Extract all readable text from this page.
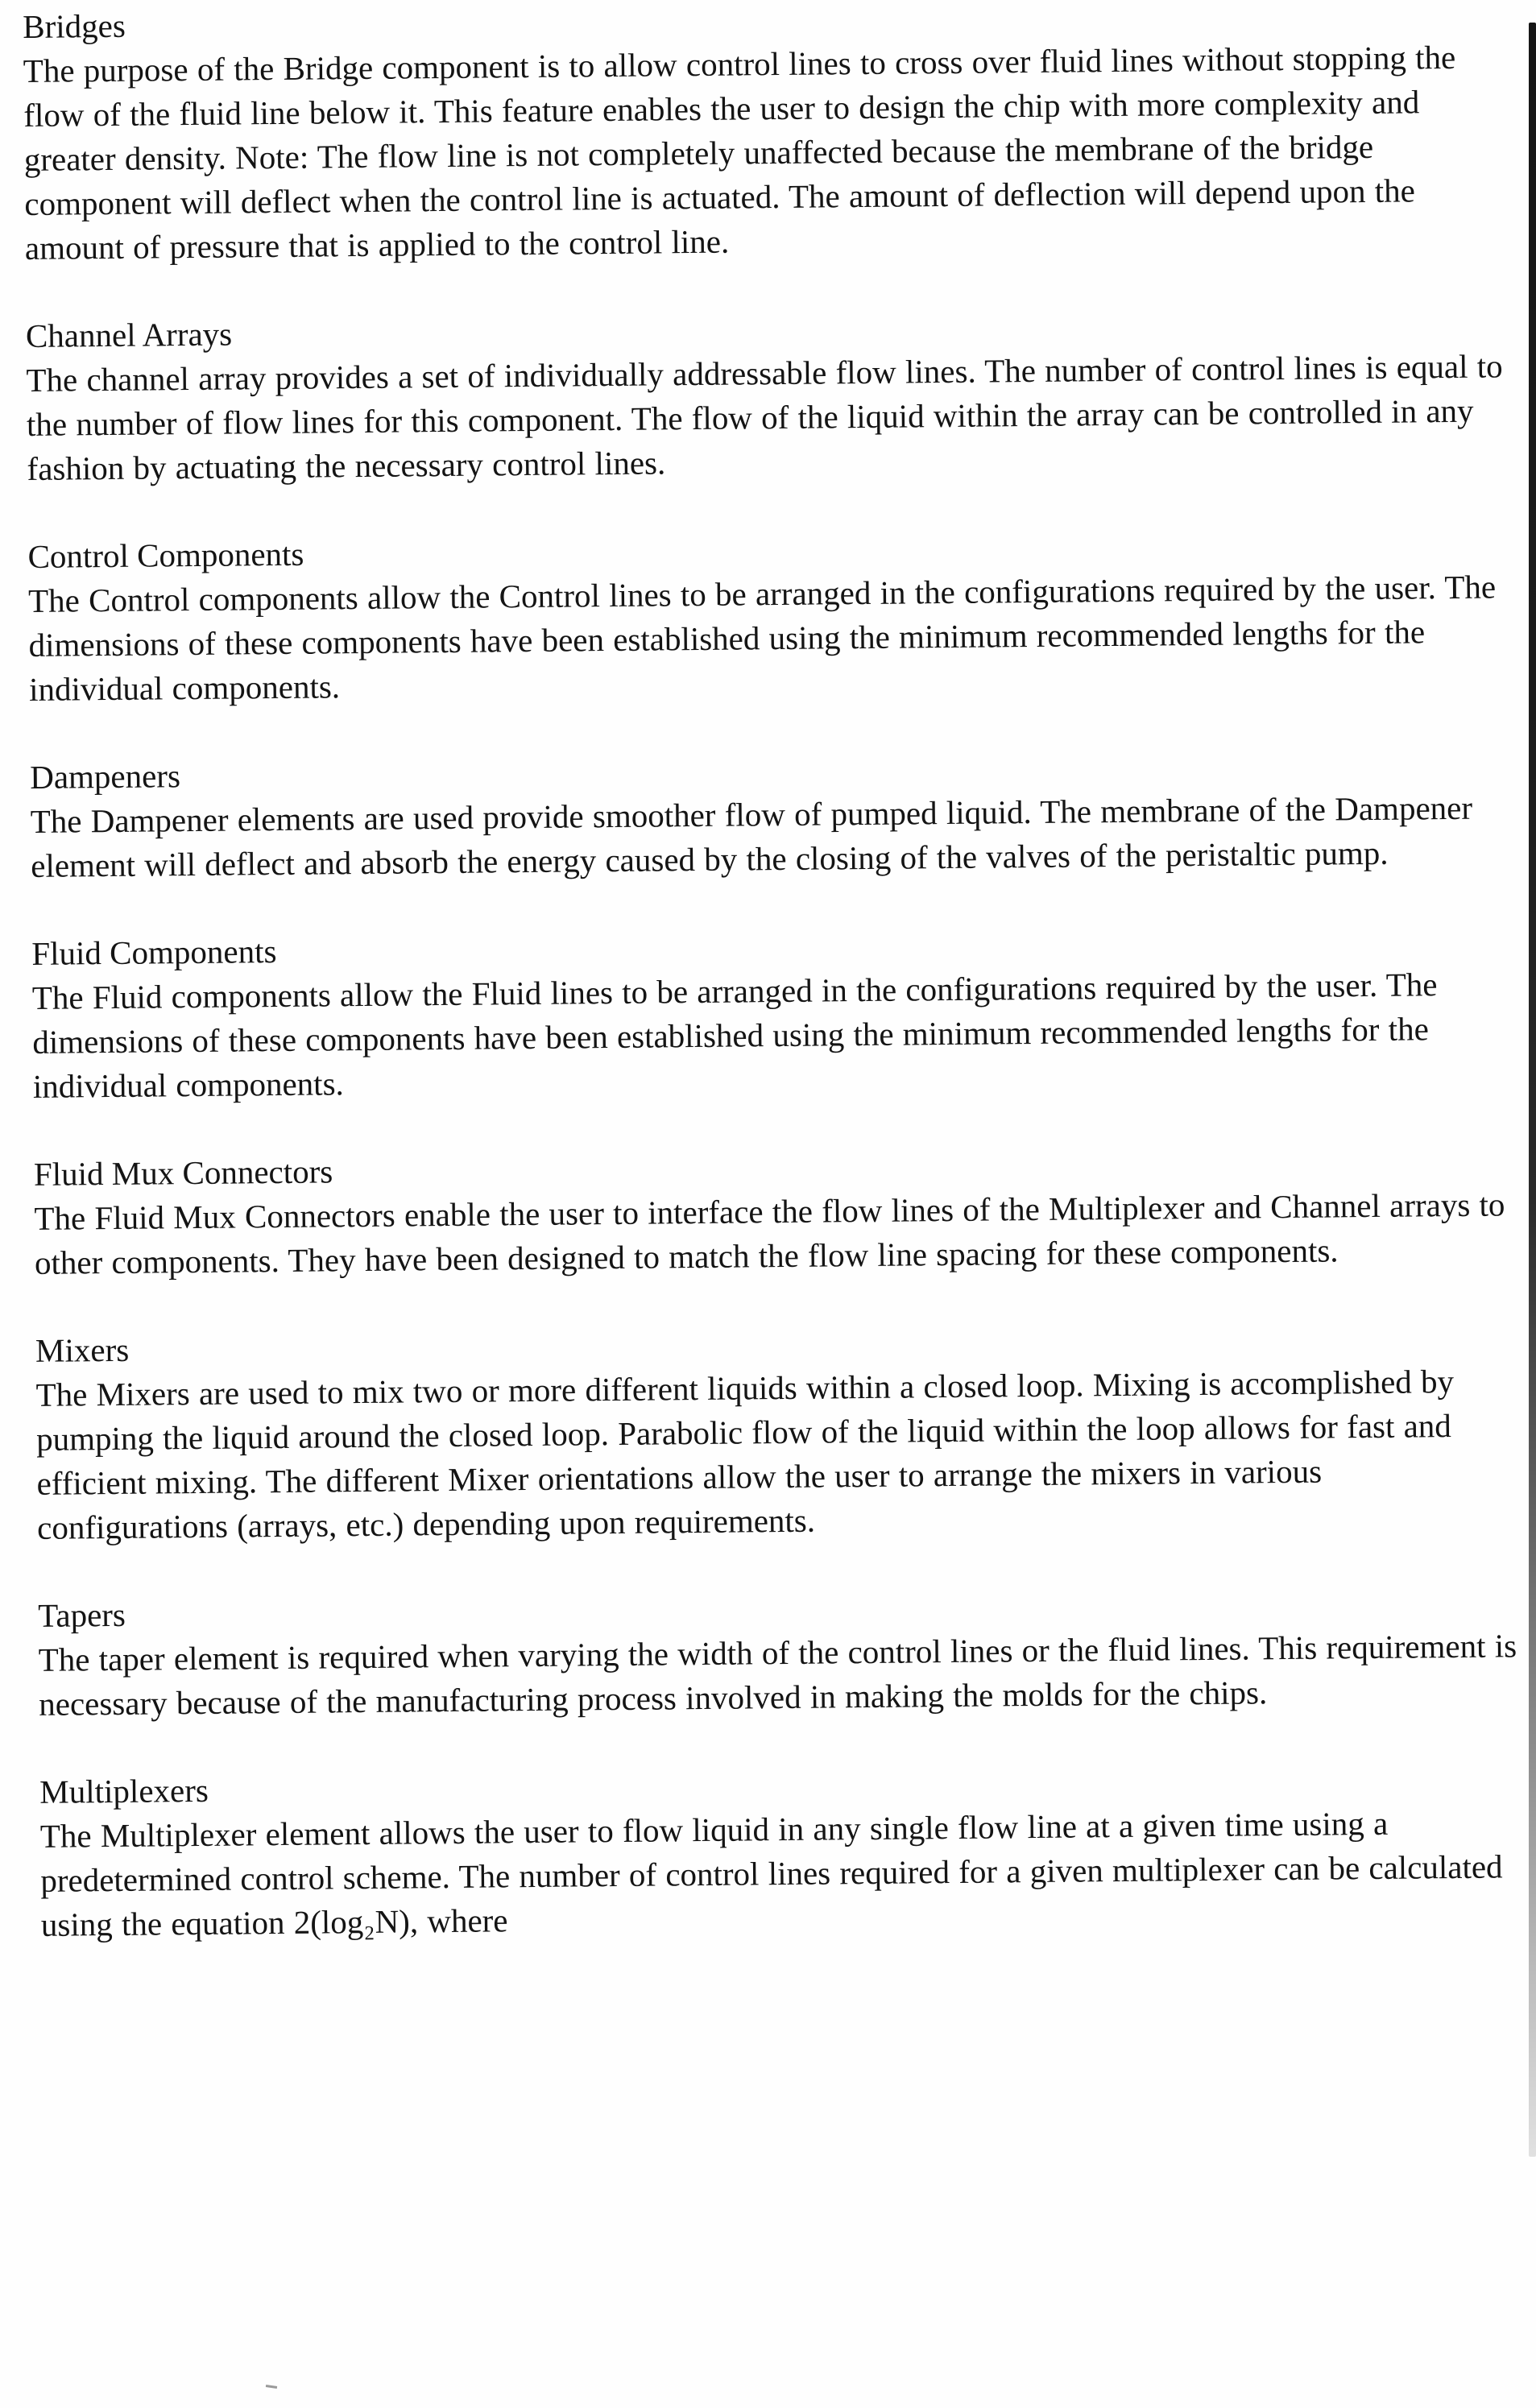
Bridges

The purpose of the Bridge component is to allow control lines to cross over fluid lines without stopping the flow of the fluid line below it. This feature enables the user to design the chip with more complexity and greater density. Note: The flow line is not completely unaffected because the membrane of the bridge component will deflect when the control line is actuated. The amount of deflection will depend upon the amount of pressure that is applied to the control line.

Channel Arrays

The channel array provides a set of individually addressable flow lines. The number of control lines is equal to the number of flow lines for this component. The flow of the liquid within the array can be controlled in any fashion by actuating the necessary control lines.

Control Components

The Control components allow the Control lines to be arranged in the configurations required by the user. The dimensions of these components have been established using the minimum recommended lengths for the individual components.

Dampeners

The Dampener elements are used provide smoother flow of pumped liquid. The membrane of the Dampener element will deflect and absorb the energy caused by the closing of the valves of the peristaltic pump.

Fluid Components

The Fluid components allow the Fluid lines to be arranged in the configurations required by the user. The dimensions of these components have been established using the minimum recommended lengths for the individual components.

Fluid Mux Connectors

The Fluid Mux Connectors enable the user to interface the flow lines of the Multiplexer and Channel arrays to other components. They have been designed to match the flow line spacing for these components.

Mixers

The Mixers are used to mix two or more different liquids within a closed loop. Mixing is accomplished by pumping the liquid around the closed loop. Parabolic flow of the liquid within the loop allows for fast and efficient mixing. The different Mixer orientations allow the user to arrange the mixers in various configurations (arrays, etc.) depending upon requirements.

Tapers

The taper element is required when varying the width of the control lines or the fluid lines. This requirement is necessary because of the manufacturing process involved in making the molds for the chips.

Multiplexers

The Multiplexer element allows the user to flow liquid in any single flow line at a given time using a predetermined control scheme. The number of control lines required for a given multiplexer can be calculated using the equation 2(log₂N), where
